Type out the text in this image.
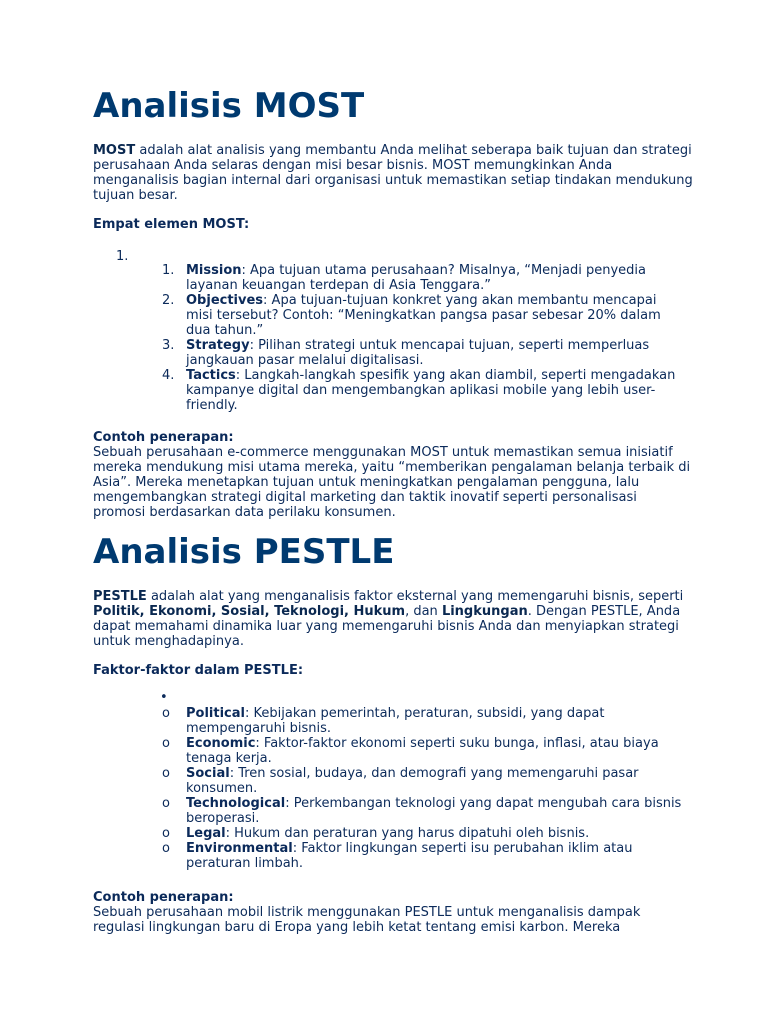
Analisis MOST

MOST adalah alat analisis yang membantu Anda melihat seberapa baik tujuan dan strategi perusahaan Anda selaras dengan misi besar bisnis. MOST memungkinkan Anda menganalisis bagian internal dari organisasi untuk memastikan setiap tindakan mendukung tujuan besar.

Empat elemen MOST:

1.
1. Mission: Apa tujuan utama perusahaan? Misalnya, “Menjadi penyedia layanan keuangan terdepan di Asia Tenggara.”
2. Objectives: Apa tujuan-tujuan konkret yang akan membantu mencapai misi tersebut? Contoh: “Meningkatkan pangsa pasar sebesar 20% dalam dua tahun.”
3. Strategy: Pilihan strategi untuk mencapai tujuan, seperti memperluas jangkauan pasar melalui digitalisasi.
4. Tactics: Langkah-langkah spesifik yang akan diambil, seperti mengadakan kampanye digital dan mengembangkan aplikasi mobile yang lebih user-friendly.

Contoh penerapan:

Sebuah perusahaan e-commerce menggunakan MOST untuk memastikan semua inisiatif mereka mendukung misi utama mereka, yaitu “memberikan pengalaman belanja terbaik di Asia”. Mereka menetapkan tujuan untuk meningkatkan pengalaman pengguna, lalu mengembangkan strategi digital marketing dan taktik inovatif seperti personalisasi promosi berdasarkan data perilaku konsumen.

Analisis PESTLE

PESTLE adalah alat yang menganalisis faktor eksternal yang memengaruhi bisnis, seperti Politik, Ekonomi, Sosial, Teknologi, Hukum, dan Lingkungan. Dengan PESTLE, Anda dapat memahami dinamika luar yang memengaruhi bisnis Anda dan menyiapkan strategi untuk menghadapinya.

Faktor-faktor dalam PESTLE:

•
o	Political: Kebijakan pemerintah, peraturan, subsidi, yang dapat mempengaruhi bisnis.
o	Economic: Faktor-faktor ekonomi seperti suku bunga, inflasi, atau biaya tenaga kerja.
o	Social: Tren sosial, budaya, dan demografi yang memengaruhi pasar konsumen.
o	Technological: Perkembangan teknologi yang dapat mengubah cara bisnis beroperasi.
o	Legal: Hukum dan peraturan yang harus dipatuhi oleh bisnis.
o	Environmental: Faktor lingkungan seperti isu perubahan iklim atau peraturan limbah.

Contoh penerapan:

Sebuah perusahaan mobil listrik menggunakan PESTLE untuk menganalisis dampak regulasi lingkungan baru di Eropa yang lebih ketat tentang emisi karbon. Mereka
